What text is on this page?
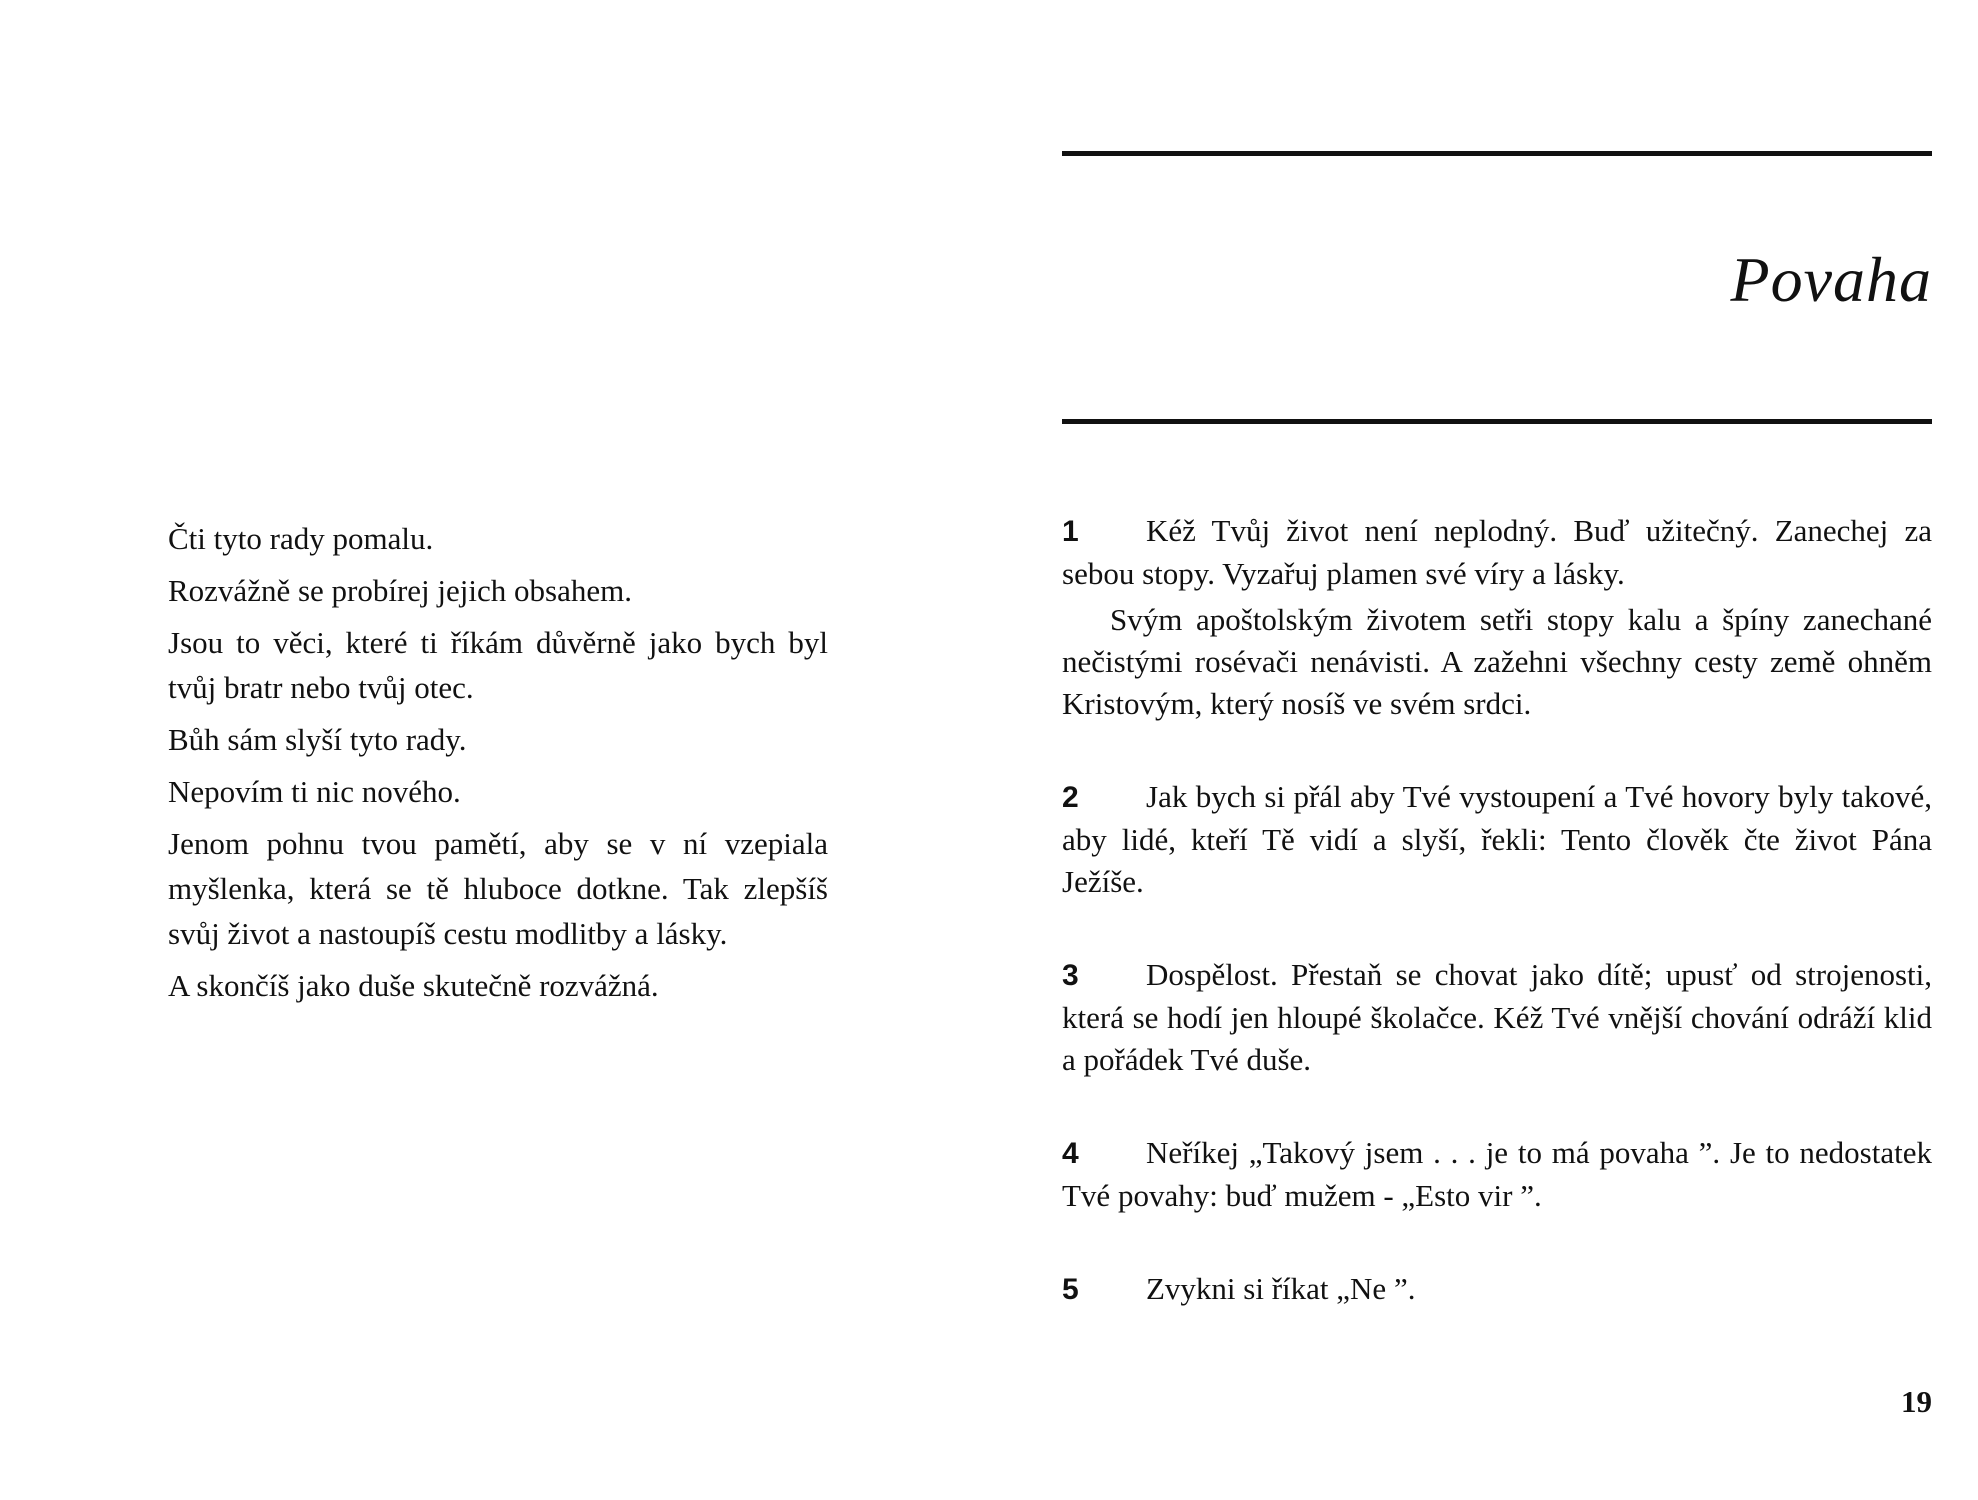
Čti tyto rady pomalu.

Rozvážně se probírej jejich obsahem.

Jsou to věci, které ti říkám důvěrně jako bych byl tvůj bratr nebo tvůj otec.

Bůh sám slyší tyto rady.

Nepovím ti nic nového.

Jenom pohnu tvou pamětí, aby se v ní vzepiala myšlenka, která se tě hluboce dotkne. Tak zlepšíš svůj život a nastoupíš cestu modlitby a lásky.

A skončíš jako duše skutečně rozvážná.

Povaha

1 Kéž Tvůj život není neplodný. Buď užitečný. Zanechej za sebou stopy. Vyzařuj plamen své víry a lásky.

Svým apoštolským životem setři stopy kalu a špíny zanechané nečistými rosévači nenávisti. A zažehni všechny cesty země ohněm Kristovým, který nosíš ve svém srdci.

2 Jak bych si přál aby Tvé vystoupení a Tvé hovory byly takové, aby lidé, kteří Tě vidí a slyší, řekli: Tento člověk čte život Pána Ježíše.

3 Dospělost. Přestaň se chovat jako dítě; upusť od strojenosti, která se hodí jen hloupé školačce. Kéž Tvé vnější chování odráží klid a pořádek Tvé duše.

4 Neříkej „Takový jsem . . . je to má povaha ”. Je to nedostatek Tvé povahy: buď mužem - „Esto vir ”.

5 Zvykni si říkat „Ne ”.

19
